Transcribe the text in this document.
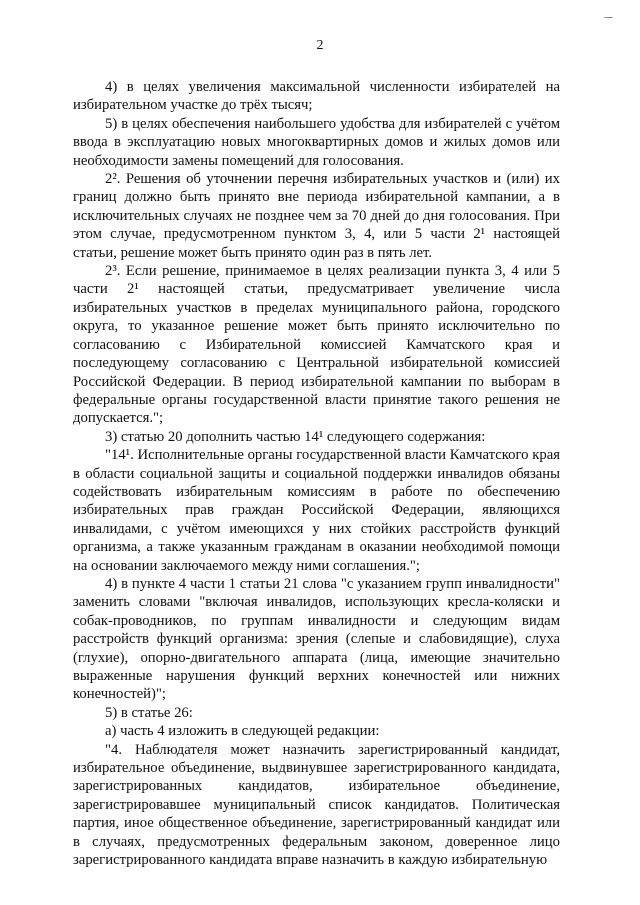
\
2

4) в целях увеличения максимальной численности избирателей на избирательном участке до трёх тысяч;

5) в целях обеспечения наибольшего удобства для избирателей с учётом ввода в эксплуатацию новых многоквартирных домов и жилых домов или необходимости замены помещений для голосования.

2². Решения об уточнении перечня избирательных участков и (или) их границ должно быть принято вне периода избирательной кампании, а в исключительных случаях не позднее чем за 70 дней до дня голосования. При этом случае, предусмотренном пунктом 3, 4, или 5 части 2¹ настоящей статьи, решение может быть принято один раз в пять лет.

2³. Если решение, принимаемое в целях реализации пункта 3, 4 или 5 части 2¹ настоящей статьи, предусматривает увеличение числа избирательных участков в пределах муниципального района, городского округа, то указанное решение может быть принято исключительно по согласованию с Избирательной комиссией Камчатского края и последующему согласованию с Центральной избирательной комиссией Российской Федерации. В период избирательной кампании по выборам в федеральные органы государственной власти принятие такого решения не допускается.";

3) статью 20 дополнить частью 14¹ следующего содержания:

"14¹. Исполнительные органы государственной власти Камчатского края в области социальной защиты и социальной поддержки инвалидов обязаны содействовать избирательным комиссиям в работе по обеспечению избирательных прав граждан Российской Федерации, являющихся инвалидами, с учётом имеющихся у них стойких расстройств функций организма, а также указанным гражданам в оказании необходимой помощи на основании заключаемого между ними соглашения.";

4) в пункте 4 части 1 статьи 21 слова "с указанием групп инвалидности" заменить словами "включая инвалидов, использующих кресла-коляски и собак-проводников, по группам инвалидности и следующим видам расстройств функций организма: зрения (слепые и слабовидящие), слуха (глухие), опорно-двигательного аппарата (лица, имеющие значительно выраженные нарушения функций верхних конечностей или нижних конечностей)";

5) в статье 26:

а) часть 4 изложить в следующей редакции:

"4. Наблюдателя может назначить зарегистрированный кандидат, избирательное объединение, выдвинувшее зарегистрированного кандидата, зарегистрированных кандидатов, избирательное объединение, зарегистрировавшее муниципальный список кандидатов. Политическая партия, иное общественное объединение, зарегистрированный кандидат или в случаях, предусмотренных федеральным законом, доверенное лицо зарегистрированного кандидата вправе назначить в каждую избирательную
